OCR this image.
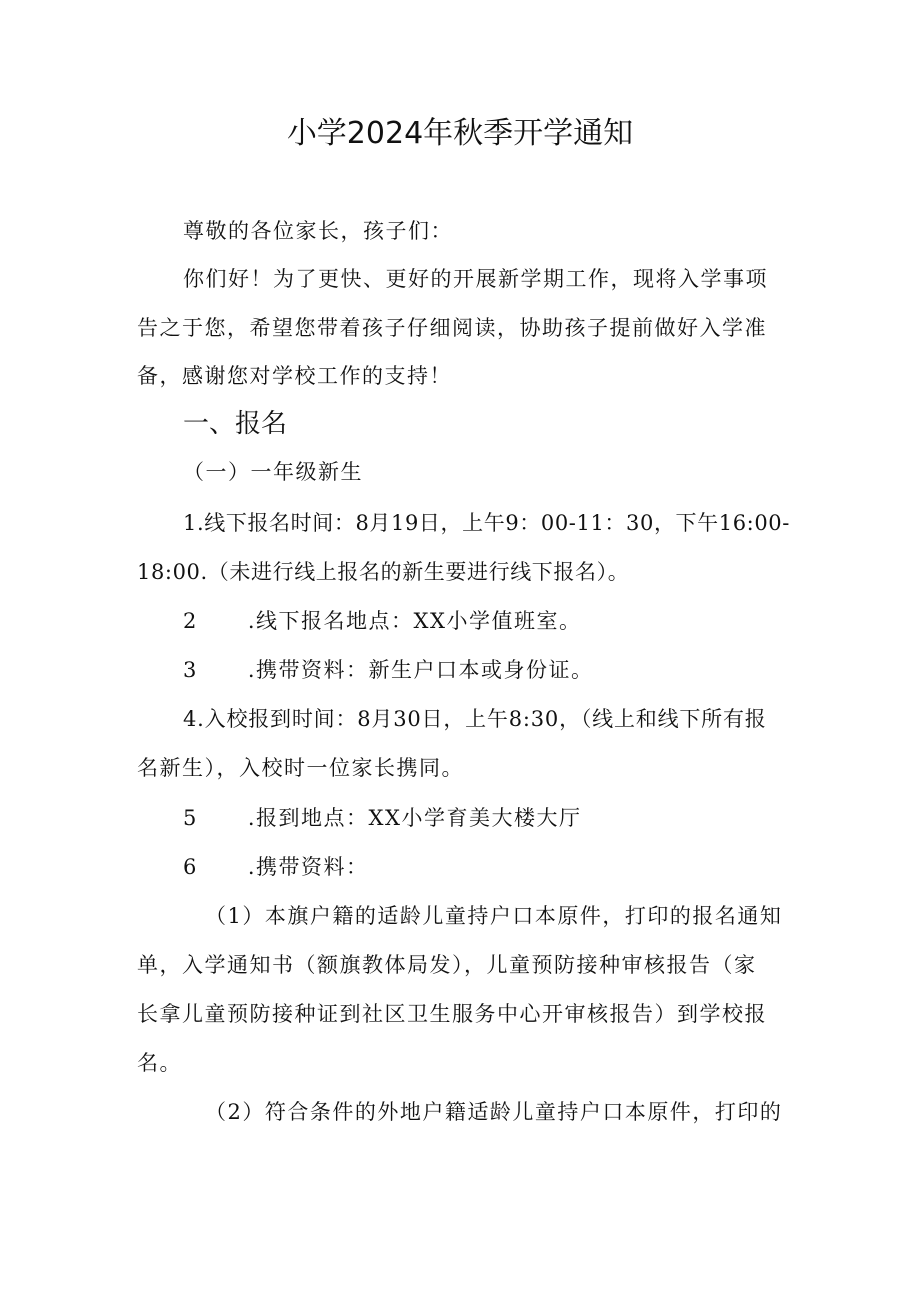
小学2024年秋季开学通知
尊敬的各位家长，孩子们：
你们好！为了更快、更好的开展新学期工作，现将入学事项
告之于您，希望您带着孩子仔细阅读，协助孩子提前做好入学准
备，感谢您对学校工作的支持！
一、报名
（一）一年级新生
1.线下报名时间：8月19日，上午9：00-11：30，下午16:00-
18:00.（未进行线上报名的新生要进行线下报名）。
2 .线下报名地点：XX小学值班室。
3 .携带资料：新生户口本或身份证。
4.入校报到时间：8月30日，上午8:30，（线上和线下所有报
名新生），入校时一位家长携同。
5 .报到地点：XX小学育美大楼大厅
6 .携带资料：
（1）本旗户籍的适龄儿童持户口本原件，打印的报名通知
单，入学通知书（额旗教体局发），儿童预防接种审核报告（家
长拿儿童预防接种证到社区卫生服务中心开审核报告）到学校报
名。
（2）符合条件的外地户籍适龄儿童持户口本原件，打印的
